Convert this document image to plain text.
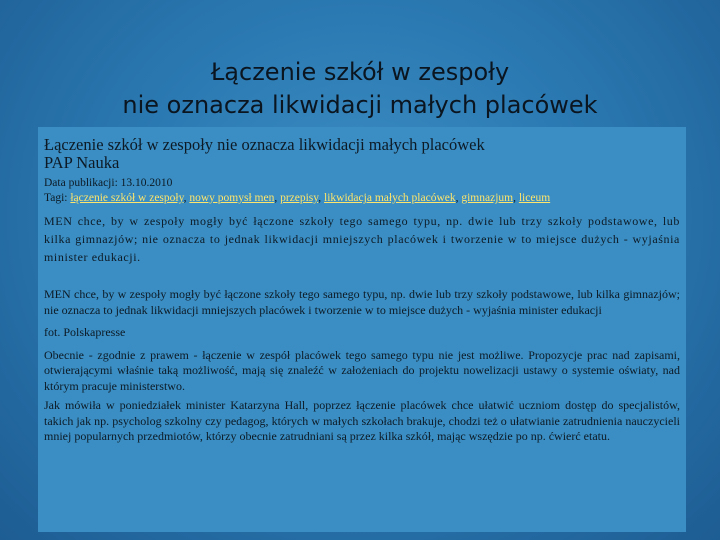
Łączenie szkół w zespoły
nie oznacza likwidacji małych placówek

Łączenie szkół w zespoły nie oznacza likwidacji małych placówek

PAP Nauka

Data publikacji: 13.10.2010

Tagi: łączenie szkół w zespoły, nowy pomysł men, przepisy, likwidacja małych placówek, gimnazjum, liceum

MEN chce, by w zespoły mogły być łączone szkoły tego samego typu, np. dwie lub trzy szkoły podstawowe, lub kilka gimnazjów; nie oznacza to jednak likwidacji mniejszych placówek i tworzenie w to miejsce dużych - wyjaśnia minister edukacji.

MEN chce, by w zespoły mogły być łączone szkoły tego samego typu, np. dwie lub trzy szkoły podstawowe, lub kilka gimnazjów; nie oznacza to jednak likwidacji mniejszych placówek i tworzenie w to miejsce dużych - wyjaśnia minister edukacji

fot. Polskapresse

Obecnie - zgodnie z prawem - łączenie w zespół placówek tego samego typu nie jest możliwe. Propozycje prac nad zapisami, otwierającymi właśnie taką możliwość, mają się znaleźć w założeniach do projektu nowelizacji ustawy o systemie oświaty, nad którym pracuje ministerstwo.

Jak mówiła w poniedziałek minister Katarzyna Hall, poprzez łączenie placówek chce ułatwić uczniom dostęp do specjalistów, takich jak np. psycholog szkolny czy pedagog, których w małych szkołach brakuje, chodzi też o ułatwianie zatrudnienia nauczycieli mniej popularnych przedmiotów, którzy obecnie zatrudniani są przez kilka szkół, mając wszędzie po np. ćwierć etatu.
